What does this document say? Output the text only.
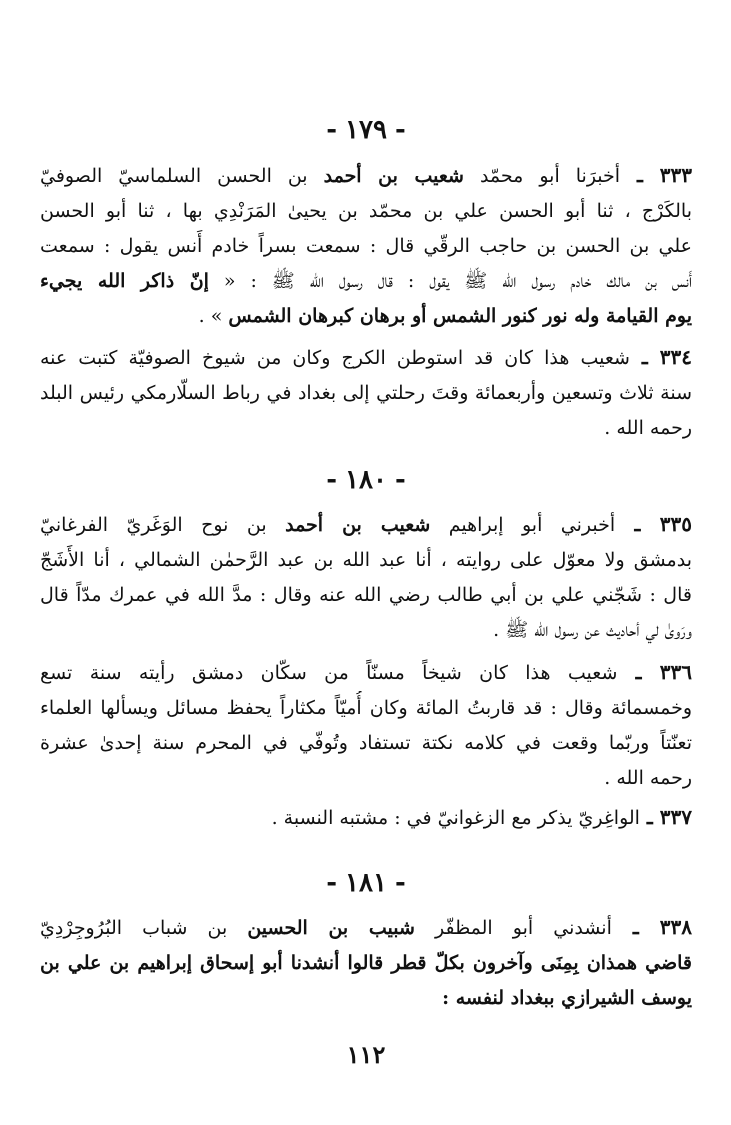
-١٧٩-
٣٣٣ ـ أخبرَنا أبو محمّد شعيب بن أحمد بن الحسن السلماسيّ الصوفيّ
بالكَرْج ، ثنا أبو الحسن علي بن محمّد بن يحيىٰ المَرَنْدِي بها ، ثنا أبو الحسن
علي بن الحسن بن حاجب الرقّي قال : سمعت بسراً خادم أَنس يقول : سمعت
أَنس بن مالك خادم رسول الله ﷺ يقول : قال رسول الله ﷺ : « إنّ ذاكر الله يجيء
يوم القيامة وله نور كنور الشمس أو برهان كبرهان الشمس » .
٣٣٤ ـ شعيب هذا كان قد استوطن الكرج وكان من شيوخ الصوفيّة كتبت عنه
سنة ثلاث وتسعين وأربعمائة وقتَ رحلتي إلى بغداد في رباط السلّارمكي رئيس البلد
رحمه الله .
-١٨٠-
٣٣٥ ـ أخبرني أبو إبراهيم شعيب بن أحمد بن نوح الوَغَريّ الفرغانيّ
بدمشق ولا معوّل على روايته ، أنا عبد الله بن عبد الرَّحمٰن الشمالي ، أنا الأَشَجّ
قال : شَجّني علي بن أبي طالب رضي الله عنه وقال : مدَّ الله في عمرك مدّاً قال
ورَوىٰ لي أحاديث عن رسول الله ﷺ .
٣٣٦ ـ شعيب هذا كان شيخاً مسنّاً من سكّان دمشق رأيته سنة تسع
وخمسمائة وقال : قد قاربتُ المائة وكان أُميّاً مكثاراً يحفظ مسائل ويسألها العلماء
تعنّتاً وربّما وقعت في كلامه نكتة تستفاد وتُوفّي في المحرم سنة إحدىٰ عشرة
رحمه الله .
٣٣٧ ـ الواغِريّ يذكر مع الزغوانيّ في : مشتبه النسبة .
-١٨١-
٣٣٨ ـ أنشدني أبو المظفّر شبيب بن الحسين بن شباب البُرُوجِرْدِيّ
قاضي همذان بِمِنَى وآخرون بكلّ قطر قالوا أنشدنا أبو إسحاق إبراهيم بن علي بن
يوسف الشيرازي ببغداد لنفسه :
١١٢
